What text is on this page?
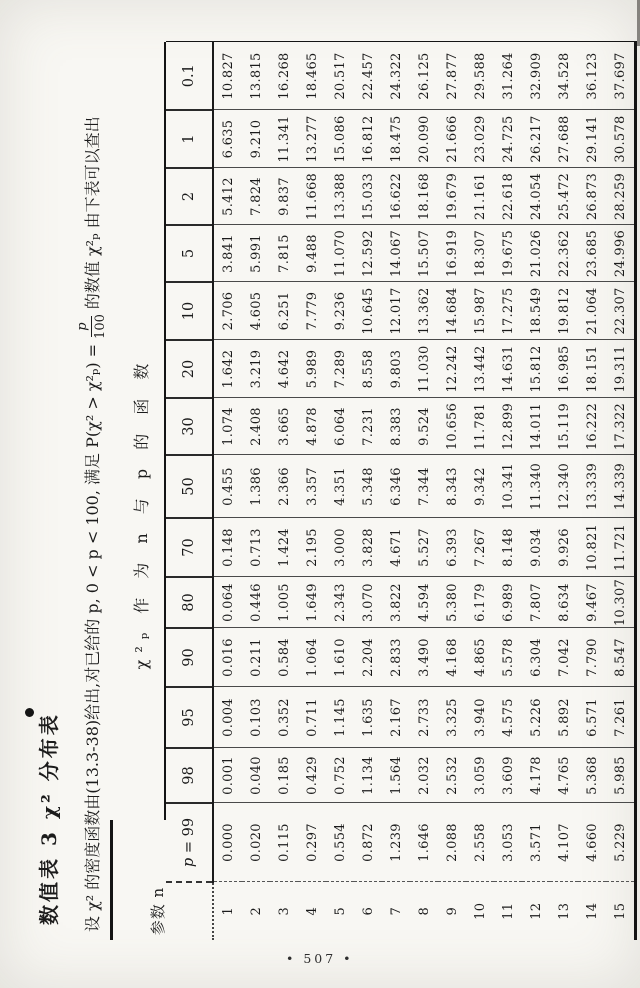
数值表 3 χ² 分布表 设 χ² 的密度函数由(13.3-38)给出,对已给的 p, 0 < p < 100, 满足 P(χ² > χ²ₚ) =
p 100
的数值 χ²ₚ 由下表可以查出
参数 n
χ²ₚ 作 为 n 与 p 的 函 数
	p = 99	98	95	90	80	70	50	30	20	10	5	2	1	0.1
1	0.000	0.001	0.004	0.016	0.064	0.148	0.455	1.074	1.642	2.706	3.841	5.412	6.635	10.827
2	0.020	0.040	0.103	0.211	0.446	0.713	1.386	2.408	3.219	4.605	5.991	7.824	9.210	13.815
3	0.115	0.185	0.352	0.584	1.005	1.424	2.366	3.665	4.642	6.251	7.815	9.837	11.341	16.268
4	0.297	0.429	0.711	1.064	1.649	2.195	3.357	4.878	5.989	7.779	9.488	11.668	13.277	18.465
5	0.554	0.752	1.145	1.610	2.343	3.000	4.351	6.064	7.289	9.236	11.070	13.388	15.086	20.517
6	0.872	1.134	1.635	2.204	3.070	3.828	5.348	7.231	8.558	10.645	12.592	15.033	16.812	22.457
7	1.239	1.564	2.167	2.833	3.822	4.671	6.346	8.383	9.803	12.017	14.067	16.622	18.475	24.322
8	1.646	2.032	2.733	3.490	4.594	5.527	7.344	9.524	11.030	13.362	15.507	18.168	20.090	26.125
9	2.088	2.532	3.325	4.168	5.380	6.393	8.343	10.656	12.242	14.684	16.919	19.679	21.666	27.877
10	2.558	3.059	3.940	4.865	6.179	7.267	9.342	11.781	13.442	15.987	18.307	21.161	23.029	29.588
11	3.053	3.609	4.575	5.578	6.989	8.148	10.341	12.899	14.631	17.275	19.675	22.618	24.725	31.264
12	3.571	4.178	5.226	6.304	7.807	9.034	11.340	14.011	15.812	18.549	21.026	24.054	26.217	32.909
13	4.107	4.765	5.892	7.042	8.634	9.926	12.340	15.119	16.985	19.812	22.362	25.472	27.688	34.528
14	4.660	5.368	6.571	7.790	9.467	10.821	13.339	16.222	18.151	21.064	23.685	26.873	29.141	36.123
15	5.229	5.985	7.261	8.547	10.307	11.721	14.339	17.322	19.311	22.307	24.996	28.259	30.578	37.697
• 507 •
